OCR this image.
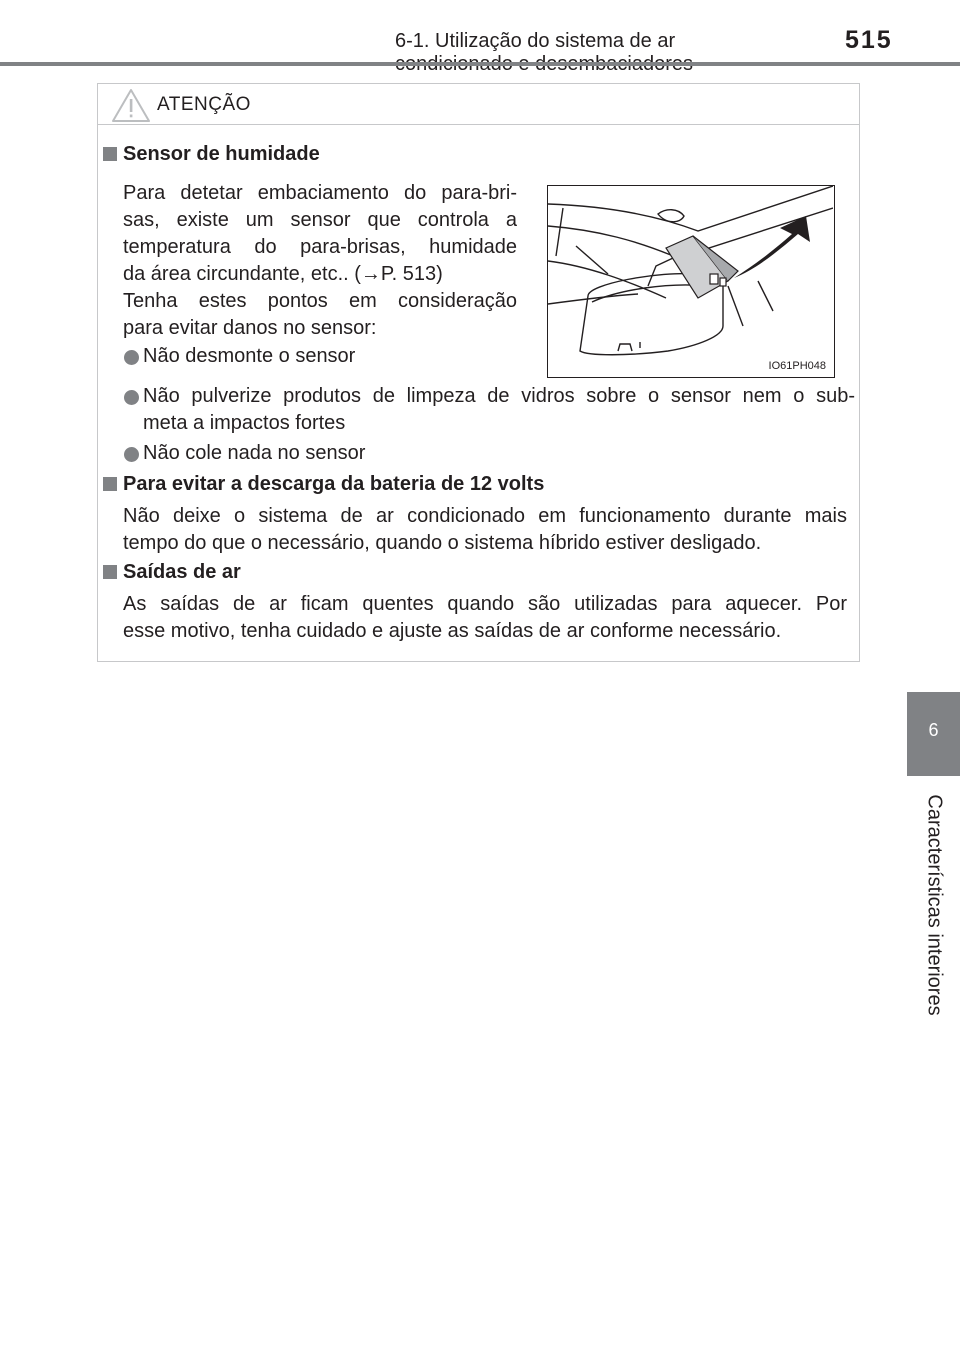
6-1. Utilização do sistema de ar	515
6
Características interiores
ATENÇÃO
Sensor de humidade
Para detetar embaciamento do para-bri-
sas, existe um sensor que controla a
temperatura do para-brisas, humidade
da área circundante, etc.. (→P. 513)
Tenha estes pontos em consideração
para evitar danos no sensor:
Não desmonte o sensor
Não pulverize produtos de limpeza de vidros sobre o sensor nem o sub-
meta a impactos fortes
Não cole nada no sensor
IO61PH048
Para evitar a descarga da bateria de 12 volts
Não deixe o sistema de ar condicionado em funcionamento durante mais
tempo do que o necessário, quando o sistema híbrido estiver desligado.
Saídas de ar
As saídas de ar ficam quentes quando são utilizadas para aquecer. Por
esse motivo, tenha cuidado e ajuste as saídas de ar conforme necessário.
